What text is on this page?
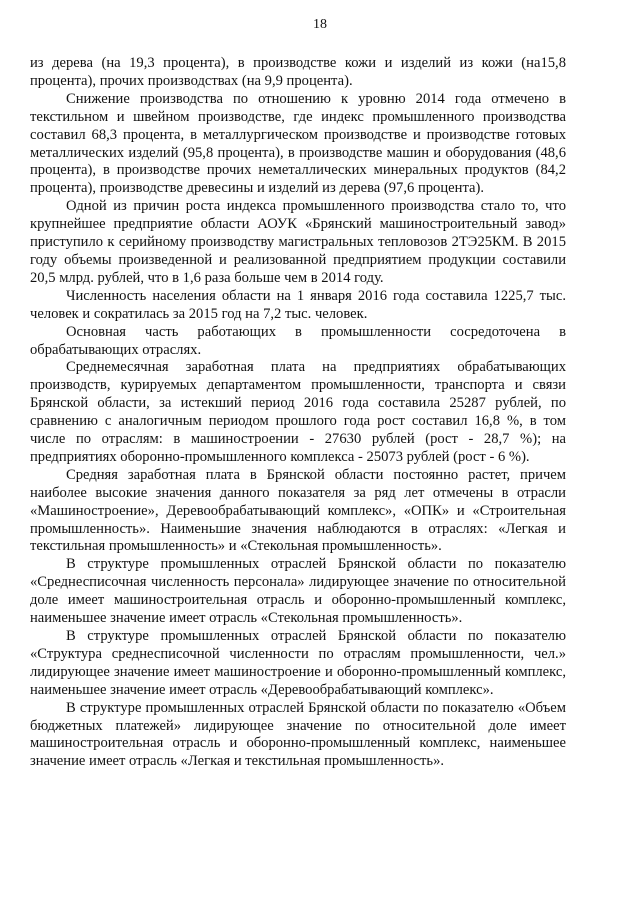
18

из дерева (на 19,3 процента), в производстве кожи и изделий из кожи (на15,8 процента), прочих производствах (на 9,9 процента).

Снижение производства по отношению к уровню 2014 года отмечено в текстильном и швейном производстве, где индекс промышленного производства составил 68,3 процента, в металлургическом производстве и производстве готовых металлических изделий (95,8 процента), в производстве машин и оборудования (48,6 процента), в производстве прочих неметаллических минеральных продуктов (84,2 процента), производстве древесины и изделий из дерева (97,6 процента).

Одной из причин роста индекса промышленного производства стало то, что крупнейшее предприятие области АОУК «Брянский машиностроительный завод» приступило к серийному производству магистральных тепловозов 2ТЭ25КМ. В 2015 году объемы произведенной и реализованной предприятием продукции составили 20,5 млрд. рублей, что в 1,6 раза больше чем в 2014 году.

Численность населения области на 1 января 2016 года составила 1225,7 тыс. человек и сократилась за 2015 год на 7,2 тыс. человек.

Основная часть работающих в промышленности сосредоточена в обрабатывающих отраслях.

Среднемесячная заработная плата на предприятиях обрабатывающих производств, курируемых департаментом промышленности, транспорта и связи Брянской области, за истекший период 2016 года составила 25287 рублей, по сравнению с аналогичным периодом прошлого года рост составил 16,8 %, в том числе по отраслям: в машиностроении - 27630 рублей (рост - 28,7 %); на предприятиях оборонно-промышленного комплекса - 25073 рублей (рост - 6 %).

Средняя заработная плата в Брянской области постоянно растет, причем наиболее высокие значения данного показателя за ряд лет отмечены в отрасли «Машиностроение», Деревообрабатывающий комплекс», «ОПК» и «Строительная промышленность». Наименьшие значения наблюдаются в отраслях: «Легкая и текстильная промышленность» и «Стекольная промышленность».

В структуре промышленных отраслей Брянской области по показателю «Среднесписочная численность персонала» лидирующее значение по относительной доле имеет машиностроительная отрасль и оборонно-промышленный комплекс, наименьшее значение имеет отрасль «Стекольная промышленность».

В структуре промышленных отраслей Брянской области по показателю «Структура среднесписочной численности по отраслям промышленности, чел.» лидирующее значение имеет машиностроение и оборонно-промышленный комплекс, наименьшее значение имеет отрасль «Деревообрабатывающий комплекс».

В структуре промышленных отраслей Брянской области по показателю «Объем бюджетных платежей» лидирующее значение по относительной доле имеет машиностроительная отрасль и оборонно-промышленный комплекс, наименьшее значение имеет отрасль «Легкая и текстильная промышленность».
